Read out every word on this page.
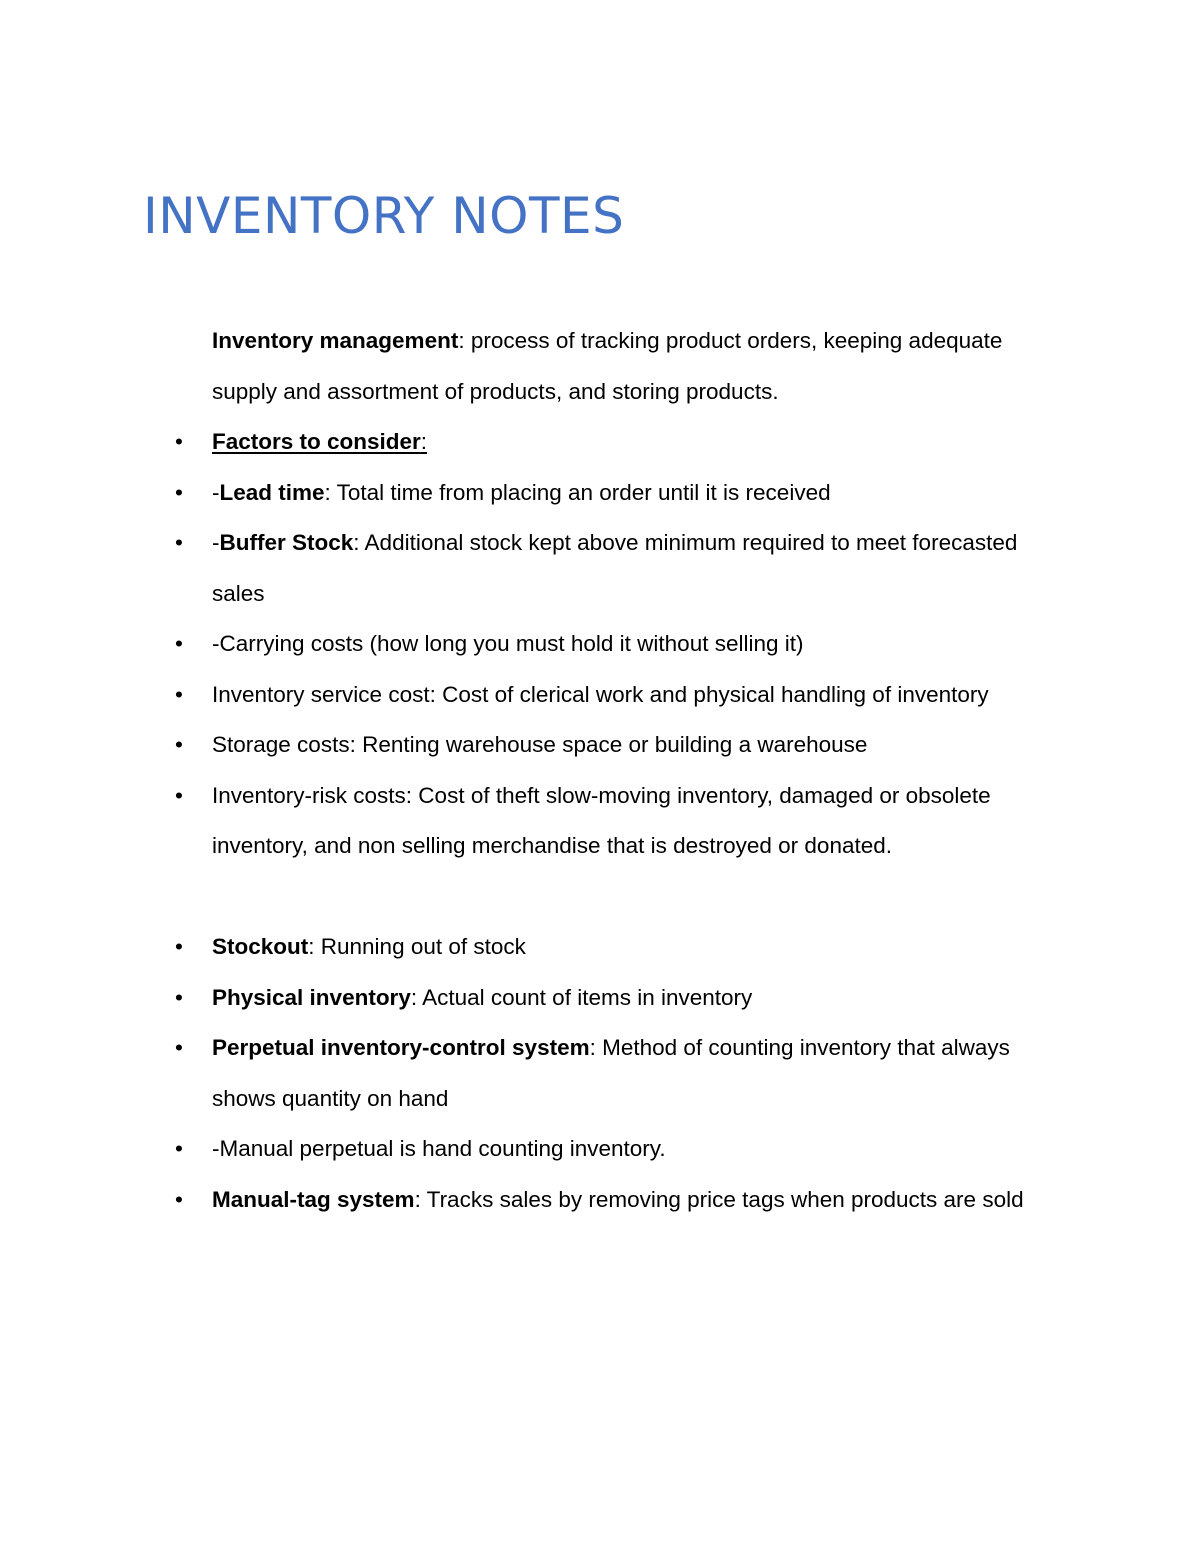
INVENTORY NOTES

Inventory management: process of tracking product orders, keeping adequate supply and assortment of products, and storing products.

•	Factors to consider:

•	-Lead time: Total time from placing an order until it is received

•	-Buffer Stock: Additional stock kept above minimum required to meet forecasted sales

•	-Carrying costs (how long you must hold it without selling it)

•	Inventory service cost: Cost of clerical work and physical handling of inventory

•	Storage costs: Renting warehouse space or building a warehouse

•	Inventory-risk costs: Cost of theft slow-moving inventory, damaged or obsolete inventory, and non selling merchandise that is destroyed or donated.

•	Stockout: Running out of stock

•	Physical inventory: Actual count of items in inventory

•	Perpetual inventory-control system: Method of counting inventory that always shows quantity on hand

•	-Manual perpetual is hand counting inventory.

•	Manual-tag system: Tracks sales by removing price tags when products are sold
